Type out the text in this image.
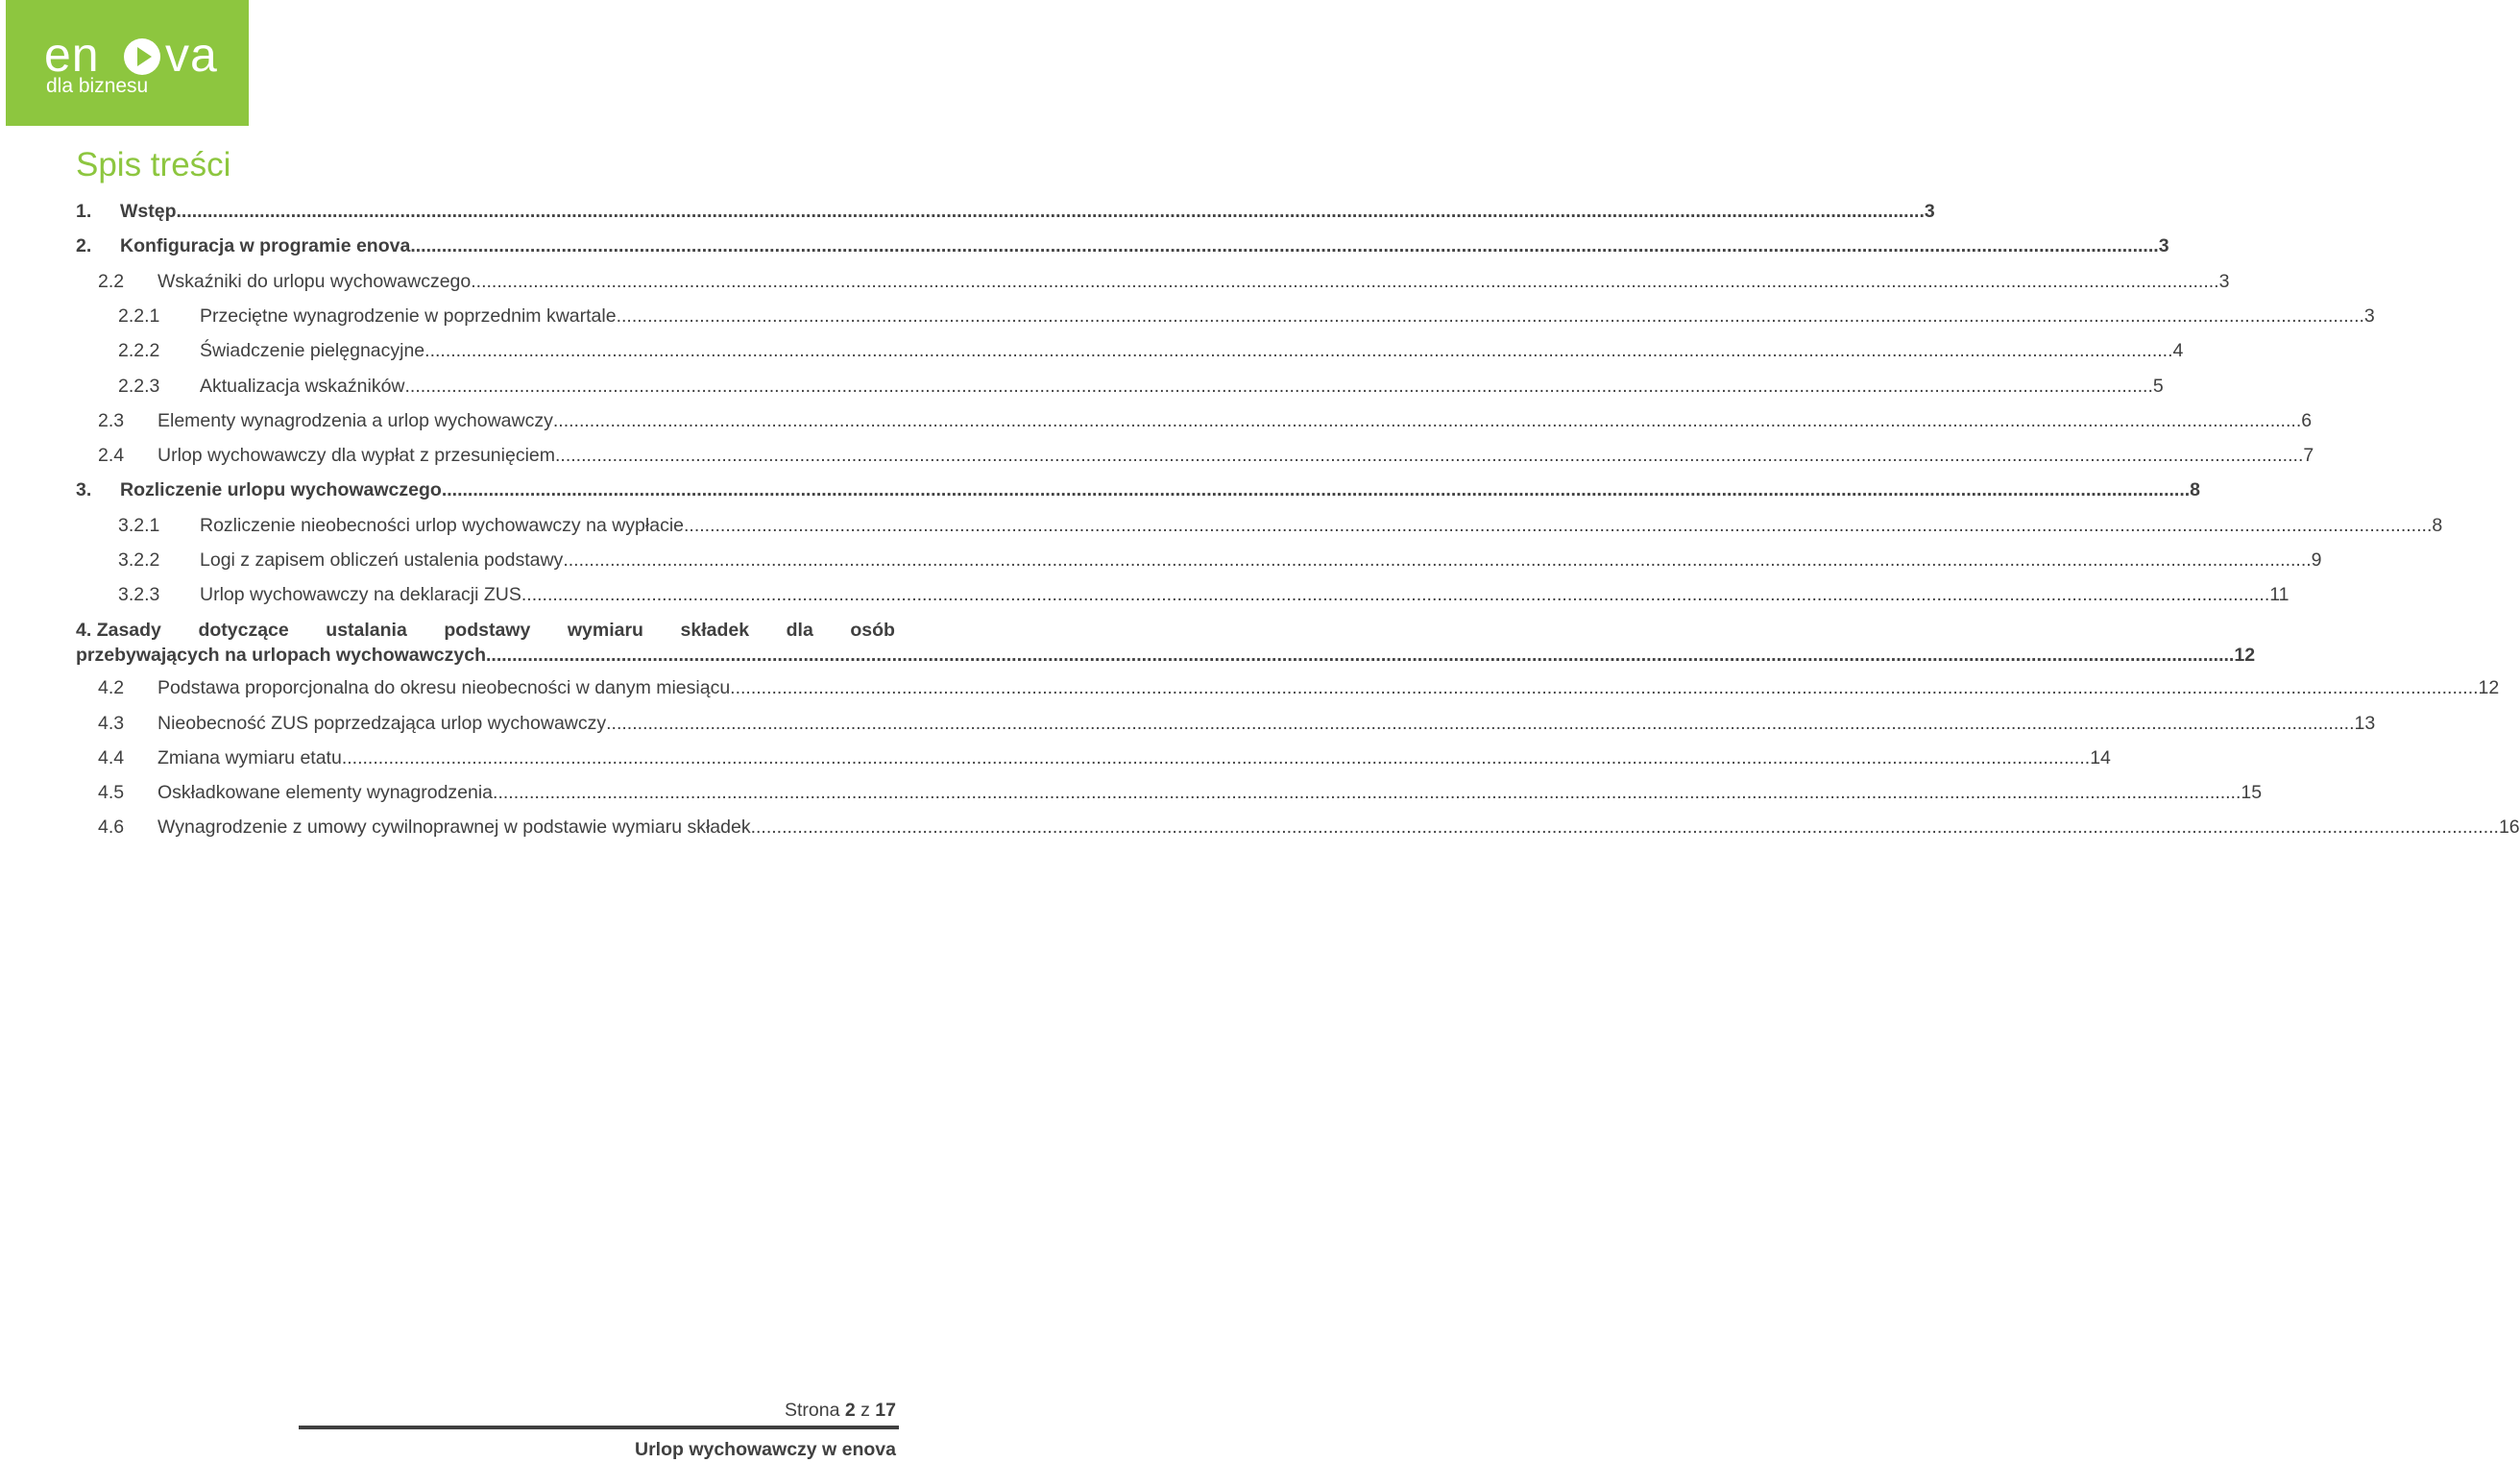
en va
dla biznesu
Spis treści
1.	Wstęp .....	3
2.	Konfiguracja w programie enova .....	3
2.2	Wskaźniki do urlopu wychowawczego .....	3
2.2.1	Przeciętne wynagrodzenie w poprzednim kwartale .....	3
2.2.2	Świadczenie pielęgnacyjne .....	4
2.2.3	Aktualizacja wskaźników .....	5
2.3	Elementy wynagrodzenia a urlop wychowawczy .....	6
2.4	Urlop wychowawczy dla wypłat z przesunięciem .....	7
3.	Rozliczenie urlopu wychowawczego .....	8
3.2.1	Rozliczenie nieobecności urlop wychowawczy na wypłacie .....	8
3.2.2	Logi z zapisem obliczeń ustalenia podstawy .....	9
3.2.3	Urlop wychowawczy na deklaracji ZUS .....	11
4. Zasady dotyczące ustalania podstawy wymiaru składek dla osób
przebywających na urlopach wychowawczych .....	12
4.2	Podstawa proporcjonalna do okresu nieobecności w danym miesiącu .....	12
4.3	Nieobecność ZUS poprzedzająca urlop wychowawczy .....	13
4.4	Zmiana wymiaru etatu .....	14
4.5	Oskładkowane elementy wynagrodzenia .....	15
4.6	Wynagrodzenie z umowy cywilnoprawnej w podstawie wymiaru składek .....	16
Strona 2 z 17
Urlop wychowawczy w enova
